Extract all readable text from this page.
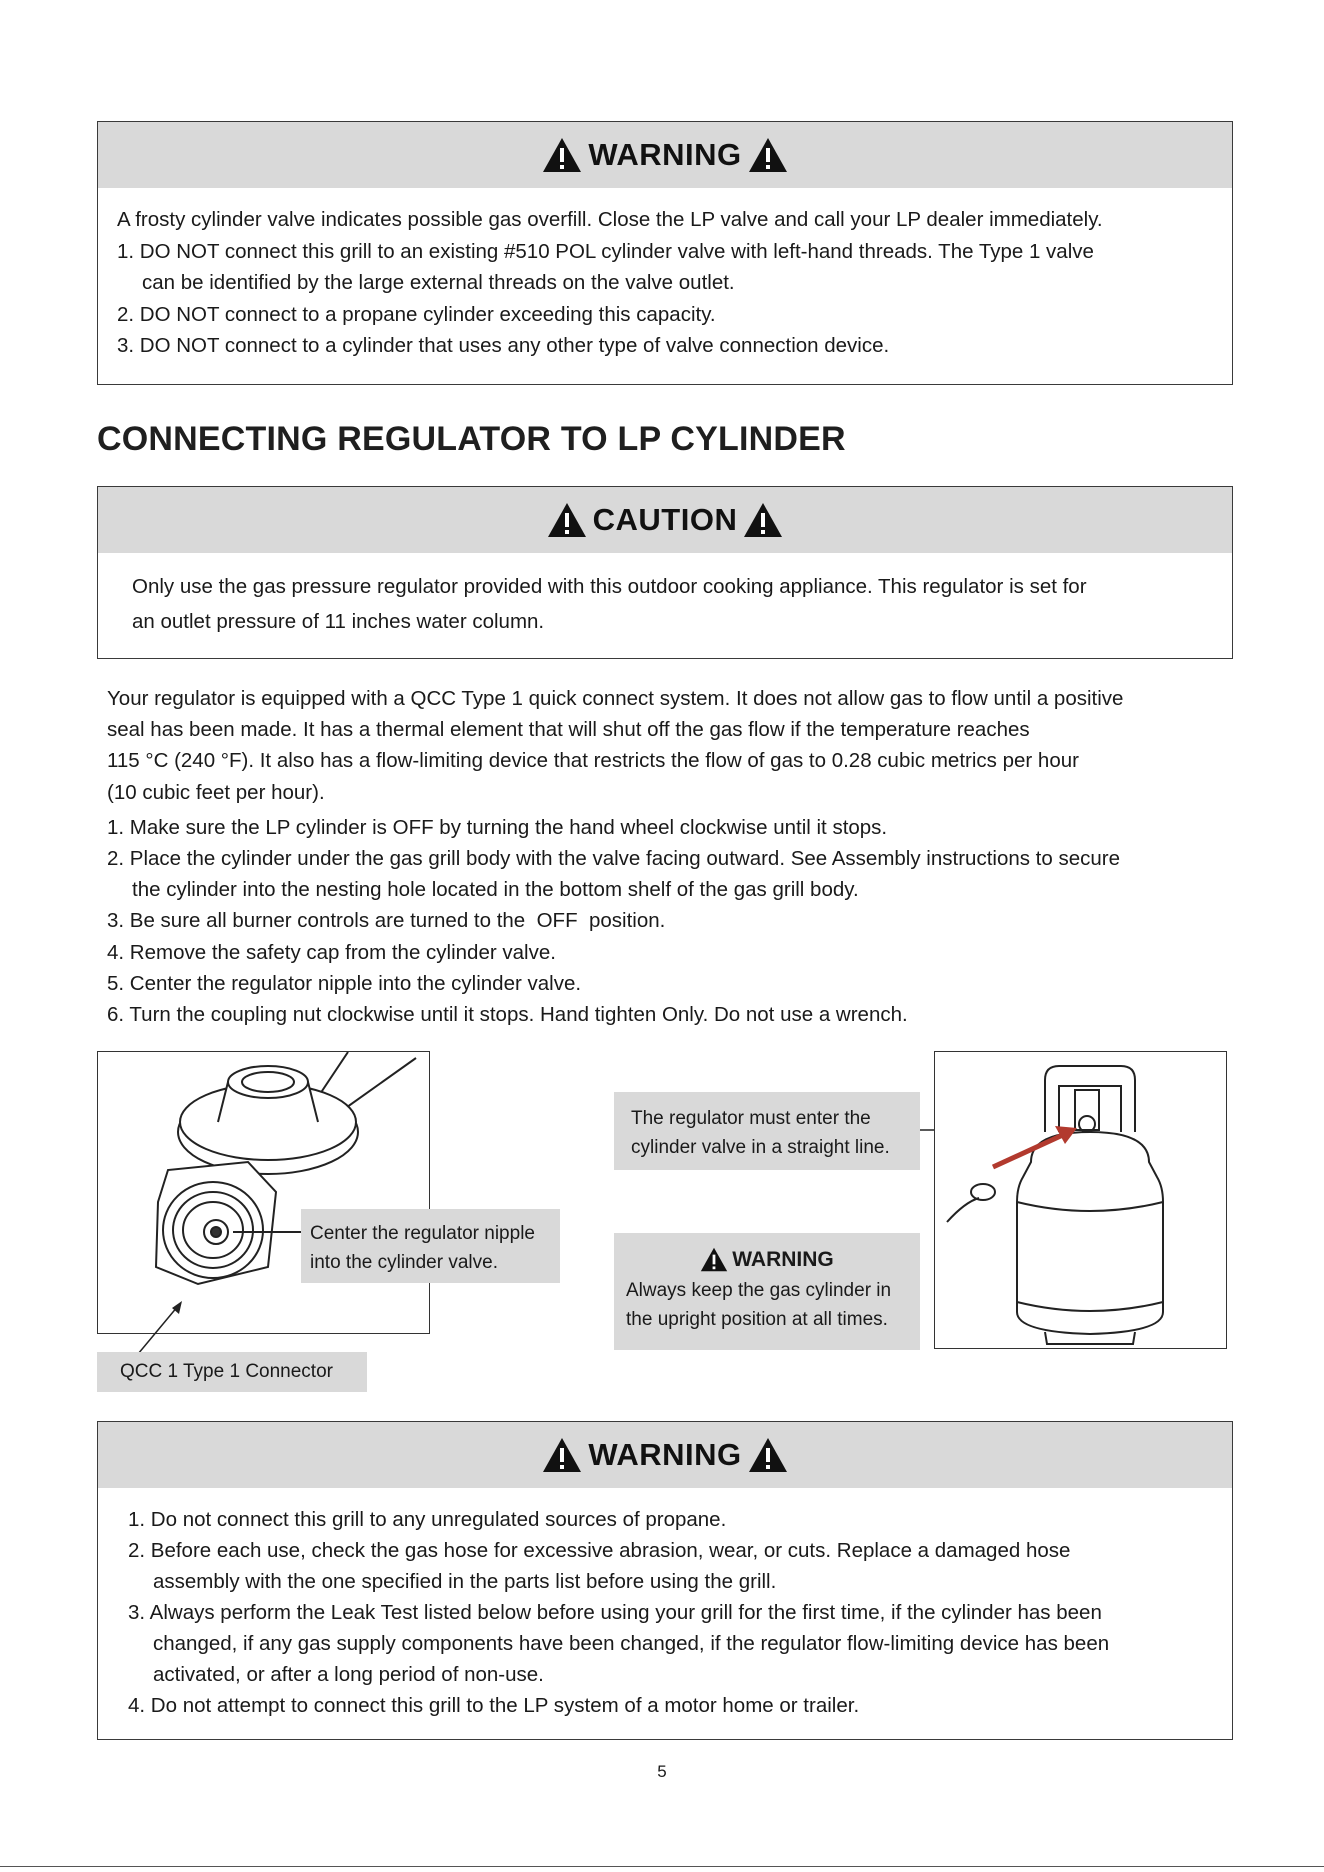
WARNING
A frosty cylinder valve indicates possible gas overfill. Close the LP valve and call your LP dealer immediately.
1. DO NOT connect this grill to an existing #510 POL cylinder valve with left-hand threads. The Type 1 valve
can be identified by the large external threads on the valve outlet.
2. DO NOT connect to a propane cylinder exceeding this capacity.
3. DO NOT connect to a cylinder that uses any other type of valve connection device.
CONNECTING REGULATOR TO LP CYLINDER
CAUTION
Only use the gas pressure regulator provided with this outdoor cooking appliance. This regulator is set for
an outlet pressure of 11 inches water column.
Your regulator is equipped with a QCC Type 1 quick connect system. It does not allow gas to flow until a positive
seal has been made. It has a thermal element that will shut off the gas flow if the temperature reaches
115 °C (240 °F). It also has a flow-limiting device that restricts the flow of gas to 0.28 cubic metrics per hour
(10 cubic feet per hour).
1. Make sure the LP cylinder is OFF by turning the hand wheel clockwise until it stops.
2. Place the cylinder under the gas grill body with the valve facing outward. See Assembly instructions to secure
the cylinder into the nesting hole located in the bottom shelf of the gas grill body.
3. Be sure all burner controls are turned to the  OFF  position.
4. Remove the safety cap from the cylinder valve.
5. Center the regulator nipple into the cylinder valve.
6. Turn the coupling nut clockwise until it stops. Hand tighten Only. Do not use a wrench.
Center the regulator nipple
into the cylinder valve.
QCC 1 Type 1 Connector
The regulator must enter the
cylinder valve in a straight line.
WARNING
Always keep the gas cylinder in
the upright position at all times.
WARNING
1. Do not connect this grill to any unregulated sources of propane.
2. Before each use, check the gas hose for excessive abrasion, wear, or cuts. Replace a damaged hose
assembly with the one specified in the parts list before using the grill.
3. Always perform the Leak Test listed below before using your grill for the first time, if the cylinder has been
changed, if any gas supply components have been changed, if the regulator flow-limiting device has been
activated, or after a long period of non-use.
4. Do not attempt to connect this grill to the LP system of a motor home or trailer.
5
